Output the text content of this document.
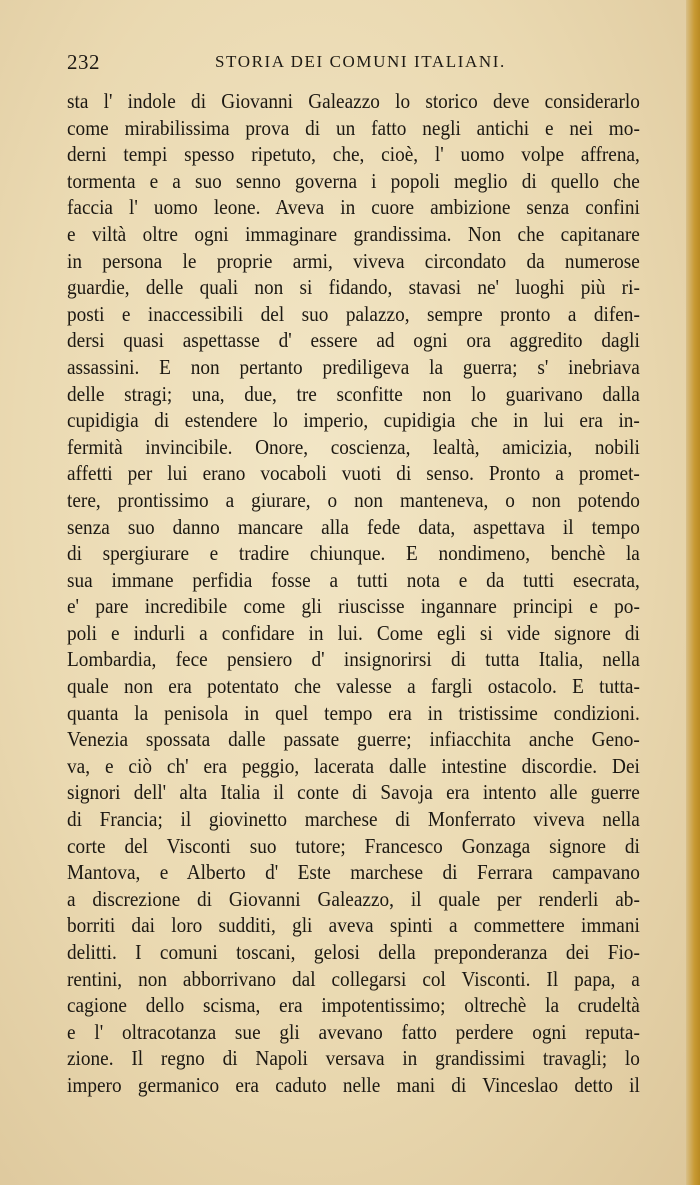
232	STORIA DEI COMUNI ITALIANI.
sta l' indole di Giovanni Galeazzo lo storico deve considerarlo
come mirabilissima prova di un fatto negli antichi e nei mo-
derni tempi spesso ripetuto, che, cioè, l' uomo volpe affrena,
tormenta e a suo senno governa i popoli meglio di quello che
faccia l' uomo leone. Aveva in cuore ambizione senza confini
e viltà oltre ogni immaginare grandissima. Non che capitanare
in persona le proprie armi, viveva circondato da numerose
guardie, delle quali non si fidando, stavasi ne' luoghi più ri-
posti e inaccessibili del suo palazzo, sempre pronto a difen-
dersi quasi aspettasse d' essere ad ogni ora aggredito dagli
assassini. E non pertanto prediligeva la guerra; s' inebriava
delle stragi; una, due, tre sconfitte non lo guarivano dalla
cupidigia di estendere lo imperio, cupidigia che in lui era in-
fermità invincibile. Onore, coscienza, lealtà, amicizia, nobili
affetti per lui erano vocaboli vuoti di senso. Pronto a promet-
tere, prontissimo a giurare, o non manteneva, o non potendo
senza suo danno mancare alla fede data, aspettava il tempo
di spergiurare e tradire chiunque. E nondimeno, benchè la
sua immane perfidia fosse a tutti nota e da tutti esecrata,
e' pare incredibile come gli riuscisse ingannare principi e po-
poli e indurli a confidare in lui. Come egli si vide signore di
Lombardia, fece pensiero d' insignorirsi di tutta Italia, nella
quale non era potentato che valesse a fargli ostacolo. E tutta-
quanta la penisola in quel tempo era in tristissime condizioni.
Venezia spossata dalle passate guerre; infiacchita anche Geno-
va, e ciò ch' era peggio, lacerata dalle intestine discordie. Dei
signori dell' alta Italia il conte di Savoja era intento alle guerre
di Francia; il giovinetto marchese di Monferrato viveva nella
corte del Visconti suo tutore; Francesco Gonzaga signore di
Mantova, e Alberto d' Este marchese di Ferrara campavano
a discrezione di Giovanni Galeazzo, il quale per renderli ab-
borriti dai loro sudditi, gli aveva spinti a commettere immani
delitti. I comuni toscani, gelosi della preponderanza dei Fio-
rentini, non abborrivano dal collegarsi col Visconti. Il papa, a
cagione dello scisma, era impotentissimo; oltrechè la crudeltà
e l' oltracotanza sue gli avevano fatto perdere ogni reputa-
zione. Il regno di Napoli versava in grandissimi travagli; lo
impero germanico era caduto nelle mani di Vinceslao detto il
